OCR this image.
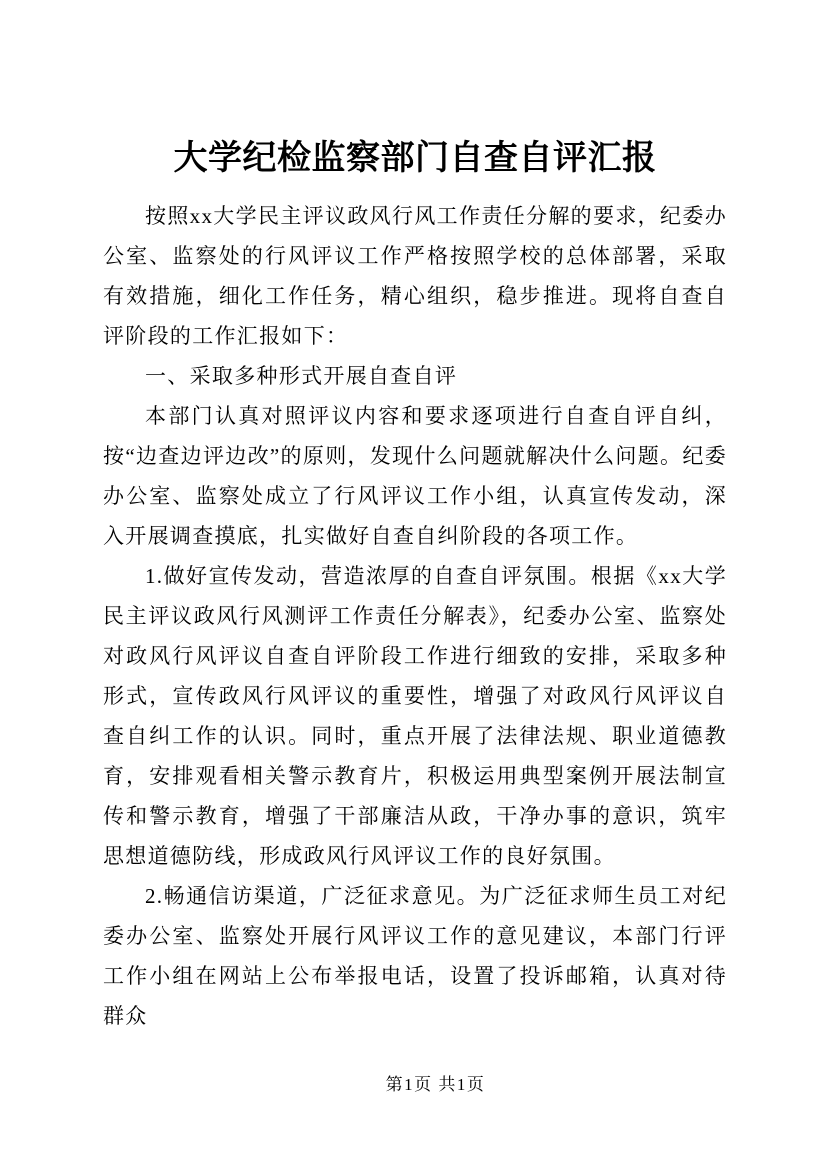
大学纪检监察部门自查自评汇报

按照xx大学民主评议政风行风工作责任分解的要求，纪委办公室、监察处的行风评议工作严格按照学校的总体部署，采取有效措施，细化工作任务，精心组织，稳步推进。现将自查自评阶段的工作汇报如下：

一、采取多种形式开展自查自评

本部门认真对照评议内容和要求逐项进行自查自评自纠，按“边查边评边改”的原则，发现什么问题就解决什么问题。纪委办公室、监察处成立了行风评议工作小组，认真宣传发动，深入开展调查摸底，扎实做好自查自纠阶段的各项工作。

1.做好宣传发动，营造浓厚的自查自评氛围。根据《xx大学民主评议政风行风测评工作责任分解表》，纪委办公室、监察处对政风行风评议自查自评阶段工作进行细致的安排，采取多种形式，宣传政风行风评议的重要性，增强了对政风行风评议自查自纠工作的认识。同时，重点开展了法律法规、职业道德教育，安排观看相关警示教育片，积极运用典型案例开展法制宣传和警示教育，增强了干部廉洁从政，干净办事的意识，筑牢思想道德防线，形成政风行风评议工作的良好氛围。

2.畅通信访渠道，广泛征求意见。为广泛征求师生员工对纪委办公室、监察处开展行风评议工作的意见建议，本部门行评工作小组在网站上公布举报电话，设置了投诉邮箱，认真对待群众

第1页 共1页
